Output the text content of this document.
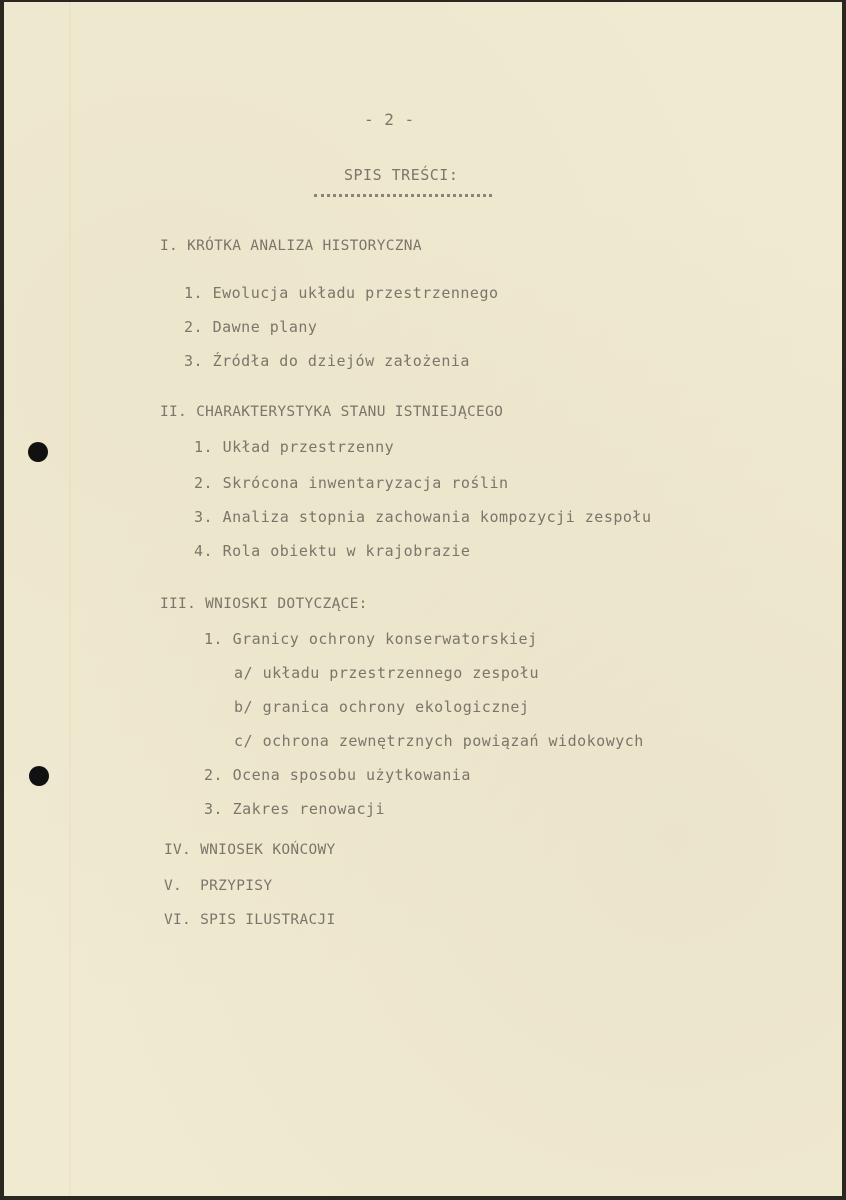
- 2 -
SPIS TREŚCI:
I. KRÓTKA ANALIZA HISTORYCZNA
1. Ewolucja układu przestrzennego
2. Dawne plany
3. Źródła do dziejów założenia
II. CHARAKTERYSTYKA STANU ISTNIEJĄCEGO
1. Układ przestrzenny
2. Skrócona inwentaryzacja roślin
3. Analiza stopnia zachowania kompozycji zespołu
4. Rola obiektu w krajobrazie
III. WNIOSKI DOTYCZĄCE:
1. Granicy ochrony konserwatorskiej
a/ układu przestrzennego zespołu
b/ granica ochrony ekologicznej
c/ ochrona zewnętrznych powiązań widokowych
2. Ocena sposobu użytkowania
3. Zakres renowacji
IV. WNIOSEK KOŃCOWY
V.  PRZYPISY
VI. SPIS ILUSTRACJI
